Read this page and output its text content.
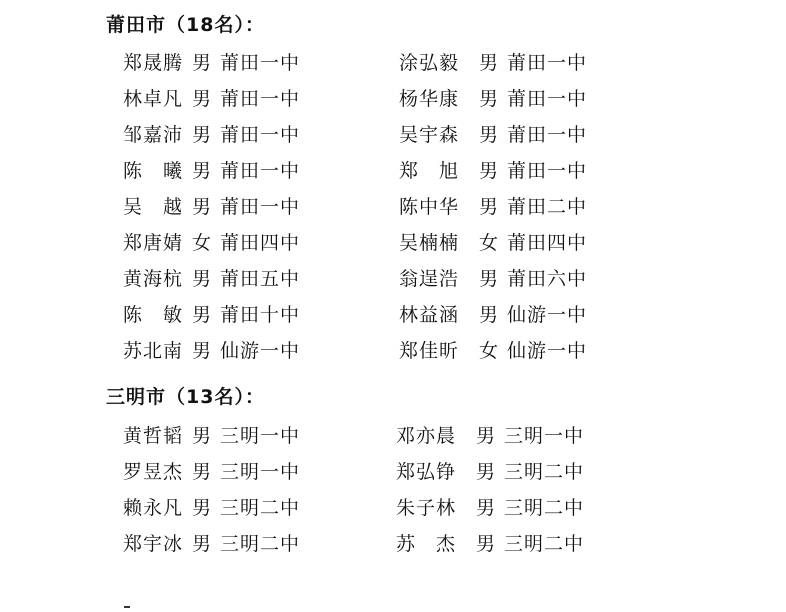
莆田市（18名）：
郑晟腾 男 莆田一中
林卓凡 男 莆田一中
邹嘉沛 男 莆田一中
陈　曦 男 莆田一中
吴　越 男 莆田一中
郑唐婧 女 莆田四中
黄海杭 男 莆田五中
陈　敏 男 莆田十中
苏北南 男 仙游一中
涂弘毅 男 莆田一中
杨华康 男 莆田一中
吴宇森 男 莆田一中
郑　旭 男 莆田一中
陈中华 男 莆田二中
吴楠楠 女 莆田四中
翁逞浩 男 莆田六中
林益涵 男 仙游一中
郑佳昕 女 仙游一中
三明市（13名）：
黄哲韬 男 三明一中
罗昱杰 男 三明一中
赖永凡 男 三明二中
郑宇冰 男 三明二中
邓亦晨 男 三明一中
郑弘铮 男 三明二中
朱子林 男 三明二中
苏　杰 男 三明二中
